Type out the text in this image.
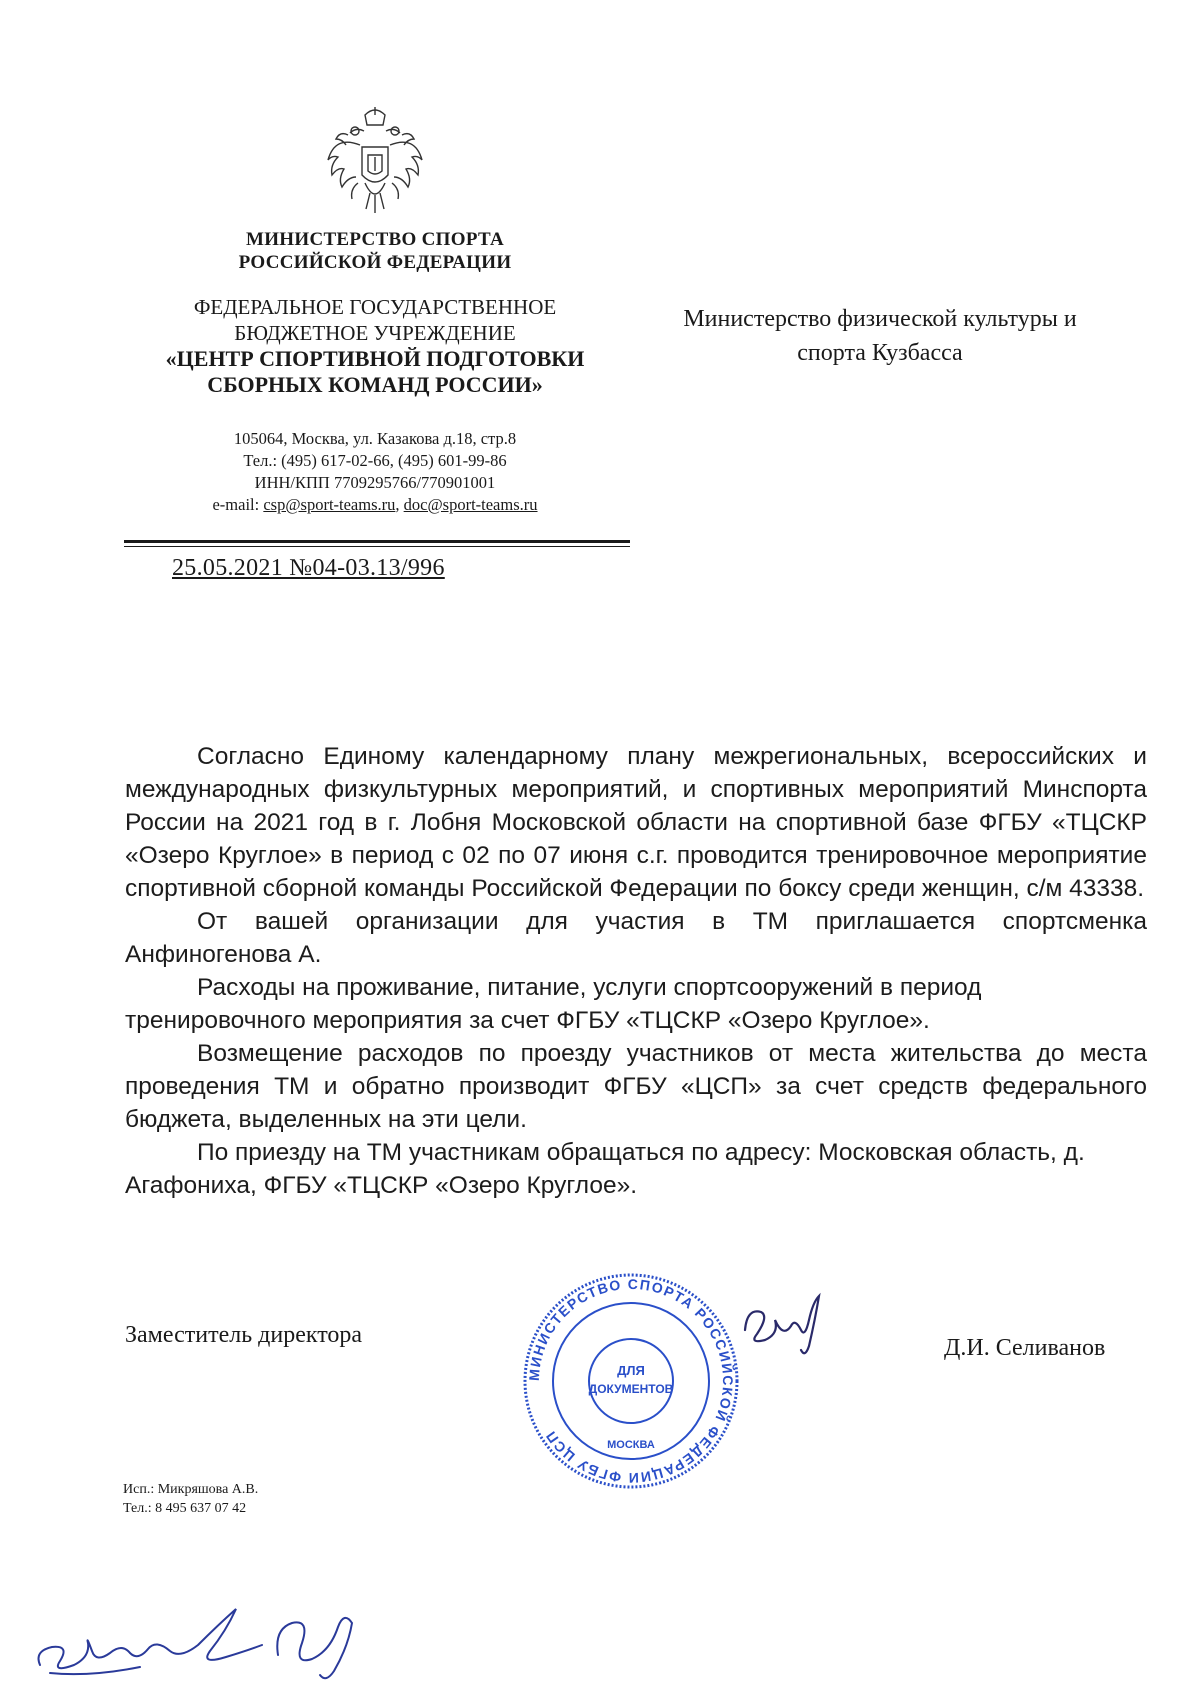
МИНИСТЕРСТВО СПОРТА
РОССИЙСКОЙ ФЕДЕРАЦИИ
ФЕДЕРАЛЬНОЕ ГОСУДАРСТВЕННОЕ
БЮДЖЕТНОЕ УЧРЕЖДЕНИЕ
«ЦЕНТР СПОРТИВНОЙ ПОДГОТОВКИ
СБОРНЫХ КОМАНД РОССИИ»
105064, Москва, ул. Казакова д.18, стр.8
Тел.: (495) 617-02-66, (495) 601-99-86
ИНН/КПП 7709295766/770901001
e-mail: csp@sport-teams.ru, doc@sport-teams.ru
25.05.2021 №04-03.13/996
Министерство физической культуры и
спорта Кузбасса

Согласно Единому календарному плану межрегиональных, всероссийских и международных физкультурных мероприятий, и спортивных мероприятий Минспорта России на 2021 год в г. Лобня Московской области на спортивной базе ФГБУ «ТЦСКР «Озеро Круглое» в период с 02 по 07 июня с.г. проводится тренировочное мероприятие спортивной сборной команды Российской Федерации по боксу среди женщин, с/м 43338.

От вашей организации для участия в ТМ приглашается спортсменка Анфиногенова А.

Расходы на проживание, питание, услуги спортсооружений в период тренировочного мероприятия за счет ФГБУ «ТЦСКР «Озеро Круглое».

Возмещение расходов по проезду участников от места жительства до места проведения ТМ и обратно производит ФГБУ «ЦСП» за счет средств федерального бюджета, выделенных на эти цели.

По приезду на ТМ участникам обращаться по адресу: Московская область, д. Агафониха, ФГБУ «ТЦСКР «Озеро Круглое».

Заместитель директора
МИНИСТЕРСТВО СПОРТА РОССИЙСКОЙ ФЕДЕРАЦИИ ФГБУ ЦСП
ДЛЯ
ДОКУМЕНТОВ
МОСКВА
Д.И. Селиванов
Исп.: Микряшова А.В.
Тел.: 8 495 637 07 42
